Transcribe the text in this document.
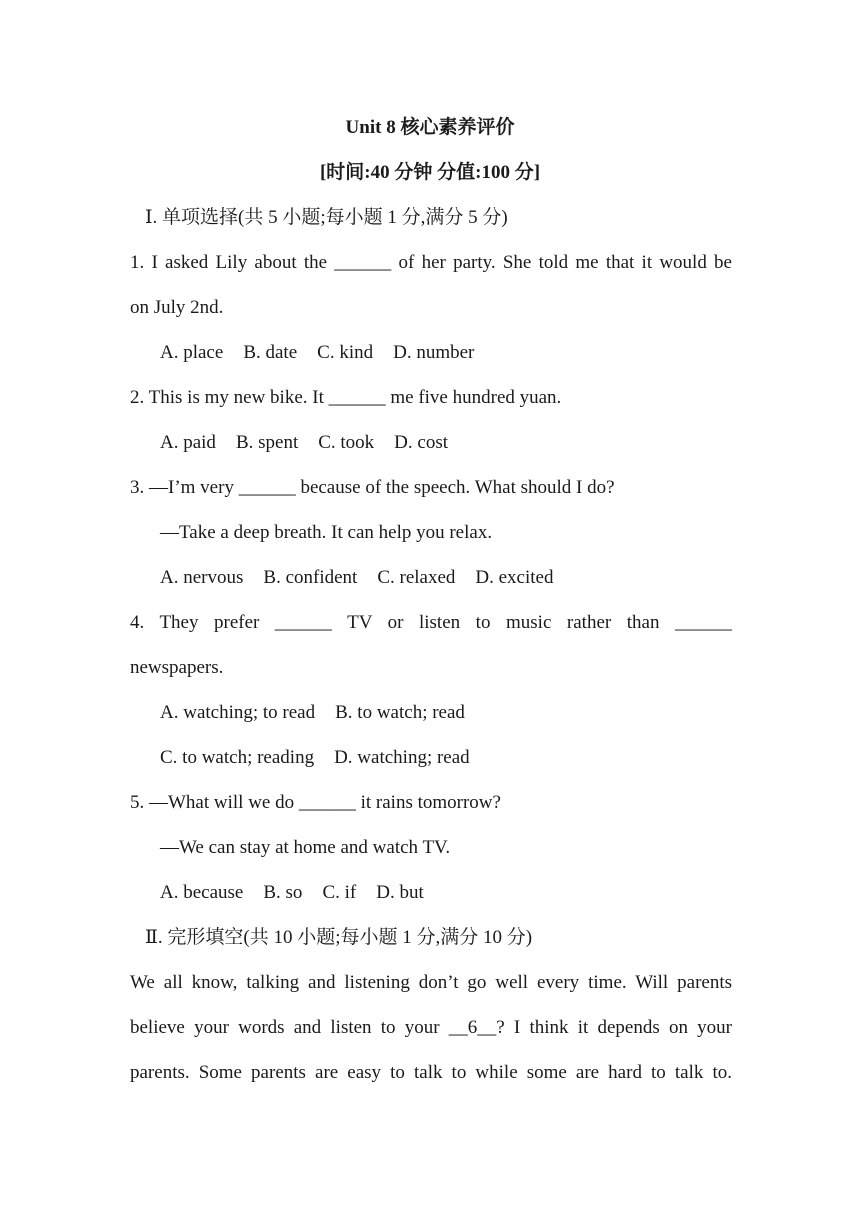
Unit 8 核心素养评价
[时间:40 分钟 分值:100 分]
Ⅰ. 单项选择(共 5 小题;每小题 1 分,满分 5 分)
1. I asked Lily about the ______ of her party. She told me that it would be
on July 2nd.
A. place B. date C. kind D. number
2. This is my new bike. It ______ me five hundred yuan.
A. paid B. spent C. took D. cost
3. —I’m very ______ because of the speech. What should I do?
—Take a deep breath. It can help you relax.
A. nervous B. confident C. relaxed D. excited
4. They prefer ______ TV or listen to music rather than ______
newspapers.
A. watching; to read B. to watch; read
C. to watch; reading D. watching; read
5. —What will we do ______ it rains tomorrow?
—We can stay at home and watch TV.
A. because B. so C. if D. but
Ⅱ. 完形填空(共 10 小题;每小题 1 分,满分 10 分)
We all know, talking and listening don’t go well every time. Will parents
believe your words and listen to your __6__? I think it depends on your
parents. Some parents are easy to talk to while some are hard to talk to.
